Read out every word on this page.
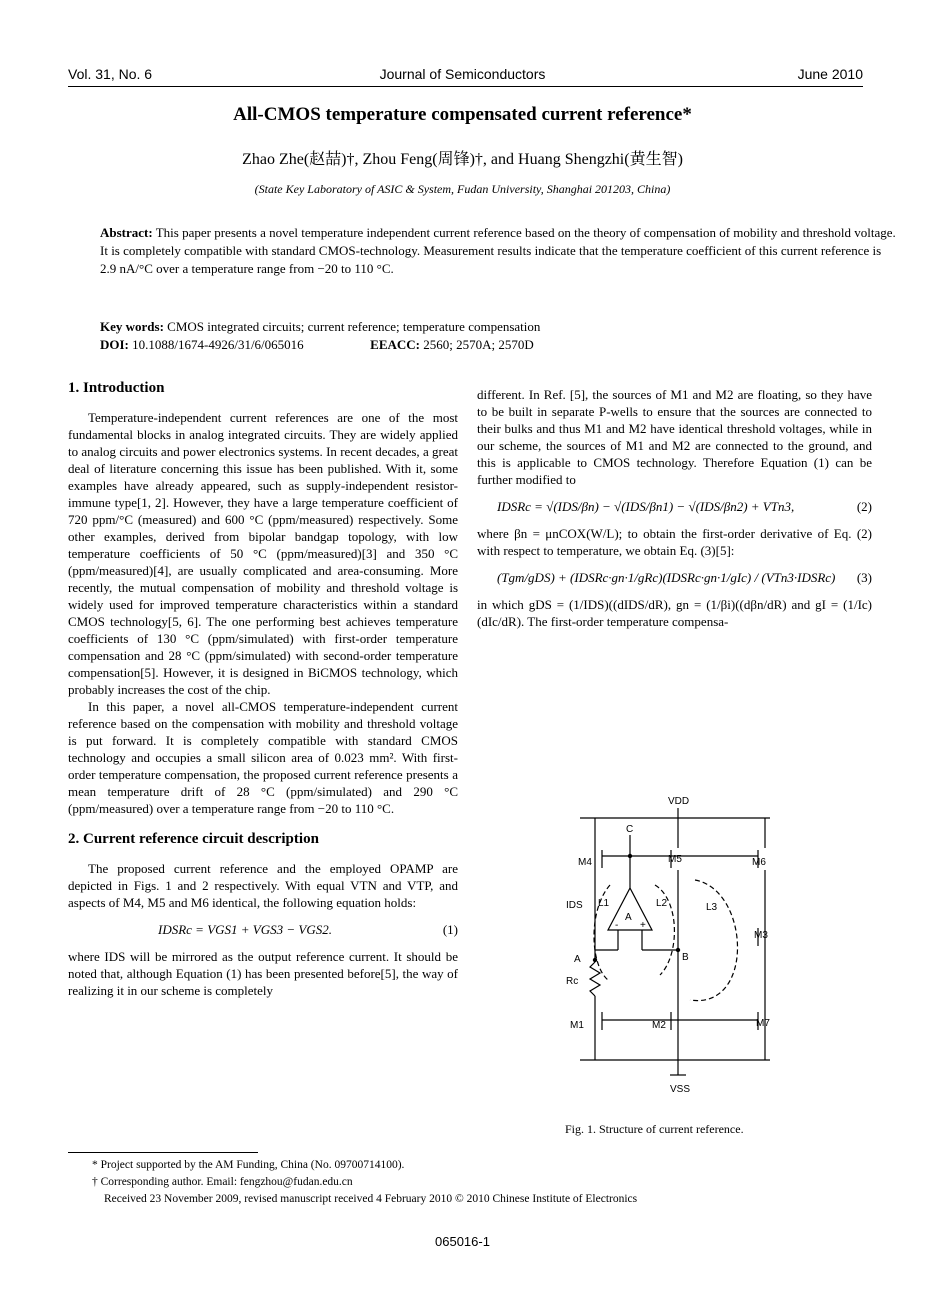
Vol. 31, No. 6	Journal of Semiconductors	June 2010
All-CMOS temperature compensated current reference*
Zhao Zhe(赵喆)†, Zhou Feng(周锋)†, and Huang Shengzhi(黄生智)
(State Key Laboratory of ASIC & System, Fudan University, Shanghai 201203, China)
Abstract: This paper presents a novel temperature independent current reference based on the theory of compensation of mobility and threshold voltage. It is completely compatible with standard CMOS-technology. Measurement results indicate that the temperature coefficient of this current reference is 2.9 nA/°C over a temperature range from −20 to 110 °C.
Key words: CMOS integrated circuits; current reference; temperature compensation
DOI: 10.1088/1674-4926/31/6/065016	EEACC: 2560; 2570A; 2570D
1. Introduction

Temperature-independent current references are one of the most fundamental blocks in analog integrated circuits. They are widely applied to analog circuits and power electronics systems. In recent decades, a great deal of literature concerning this issue has been published. With it, some examples have already appeared, such as supply-independent resistor-immune type[1, 2]. However, they have a large temperature coefficient of 720 ppm/°C (measured) and 600 °C (ppm/measured) respectively. Some other examples, derived from bipolar bandgap topology, with low temperature coefficients of 50 °C (ppm/measured)[3] and 350 °C (ppm/measured)[4], are usually complicated and area-consuming. More recently, the mutual compensation of mobility and threshold voltage is widely used for improved temperature characteristics within a standard CMOS technology[5, 6]. The one performing best achieves temperature coefficients of 130 °C (ppm/simulated) with first-order temperature compensation and 28 °C (ppm/simulated) with second-order temperature compensation[5]. However, it is designed in BiCMOS technology, which probably increases the cost of the chip.

In this paper, a novel all-CMOS temperature-independent current reference based on the compensation with mobility and threshold voltage is put forward. It is completely compatible with standard CMOS technology and occupies a small silicon area of 0.023 mm². With first-order temperature compensation, the proposed current reference presents a mean temperature drift of 28 °C (ppm/simulated) and 290 °C (ppm/measured) over a temperature range from −20 to 110 °C.

2. Current reference circuit description

The proposed current reference and the employed OPAMP are depicted in Figs. 1 and 2 respectively. With equal VTN and VTP, and aspects of M4, M5 and M6 identical, the following equation holds:

IDSRc = VGS1 + VGS3 − VGS2.	(1)

where IDS will be mirrored as the output reference current. It should be noted that, although Equation (1) has been presented before[5], the way of realizing it in our scheme is completely

different. In Ref. [5], the sources of M1 and M2 are floating, so they have to be built in separate P-wells to ensure that the sources are connected to their bulks and thus M1 and M2 have identical threshold voltages, while in our scheme, the sources of M1 and M2 are connected to the ground, and this is applicable to CMOS technology. Therefore Equation (1) can be further modified to

IDSRc = √(IDS/βn) − √(IDS/βn1) − √(IDS/βn2) + VTn3,	(2)

where βn = μnCOX(W/L); to obtain the first-order derivative of Eq. (2) with respect to temperature, we obtain Eq. (3)[5]:

(Tgm/gDS) + (IDSRc·gn·1/gRc)(IDSRc·gn·1/gIc) / (VTn3·IDSRc) (3)

in which gDS = (1/IDS)((dIDS/dR), gn = (1/βi)((dβn/dR) and gI = (1/Ic)(dIc/dR). The first-order temperature compensa-

VDD
M4	M5	M6
C
A
- +
A
Rc
M1
IDS
B
M2
M3
M7
L1	L2	L3
VSS
Fig. 1. Structure of current reference.
* Project supported by the AM Funding, China (No. 09700714100).
† Corresponding author. Email: fengzhou@fudan.edu.cn
Received 23 November 2009, revised manuscript received 4 February 2010 © 2010 Chinese Institute of Electronics
065016-1
